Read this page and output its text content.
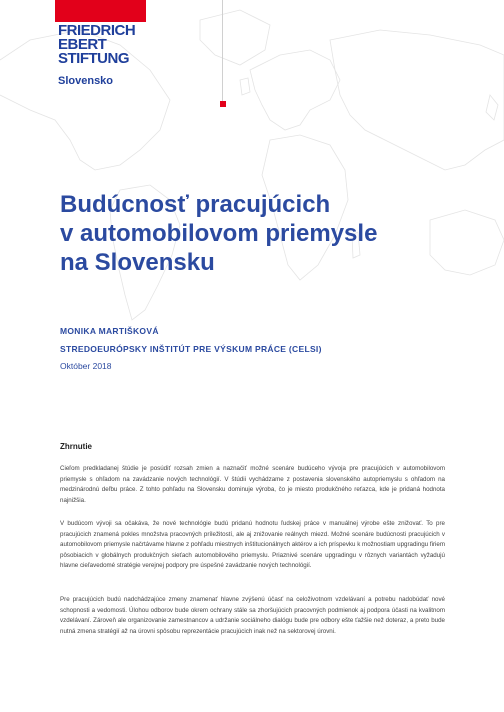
FRIEDRICH
EBERT
STIFTUNG
Slovensko
Budúcnosť pracujúcich
v automobilovom priemysle
na Slovensku
MONIKA MARTIŠKOVÁ
STREDOEURÓPSKY INŠTITÚT PRE VÝSKUM PRÁCE (CELSI)
Október 2018
Zhrnutie

Cieľom predkladanej štúdie je posúdiť rozsah zmien a naznačiť možné scenáre budúceho vývoja pre pracujúcich v automobilovom priemysle s ohľadom na zavádzanie nových technológií. V štúdii vychádzame z postavenia slovenského autopriemyslu s ohľadom na medzinárodnú deľbu práce. Z tohto pohľadu na Slovensku dominuje výroba, čo je miesto produkčného reťazca, kde je pridaná hodnota najnižšia.

V budúcom vývoji sa očakáva, že nové technológie budú pridanú hodnotu ľudskej práce v manuálnej výrobe ešte znižovať. To pre pracujúcich znamená pokles množstva pracovných príležitostí, ale aj znižovanie reálnych miezd. Možné scenáre budúcnosti pracujúcich v automobilovom priemysle načrtávame hlavne z pohľadu miestnych inštitucionálnych aktérov a ich príspevku k možnostiam upgradingu firiem pôsobiacich v globálnych produkčných sieťach automobilového priemyslu. Priaznivé scenáre upgradingu v rôznych variantách vyžadujú hlavne cieľavedomé stratégie verejnej podpory pre úspešné zavádzanie nových technológií.

Pre pracujúcich budú nadchádzajúce zmeny znamenať hlavne zvýšenú účasť na celoživotnom vzdelávaní a potrebu nadobúdať nové schopnosti a vedomosti. Úlohou odborov bude okrem ochrany stále sa zhoršujúcich pracovných podmienok aj podpora účasti na kvalitnom vzdelávaní. Zároveň ale organizovanie zamestnancov a udržanie sociálneho dialógu bude pre odbory ešte ťažšie než doteraz, a preto bude nutná zmena stratégií až na úrovni spôsobu reprezentácie pracujúcich inak než na sektorovej úrovni.
